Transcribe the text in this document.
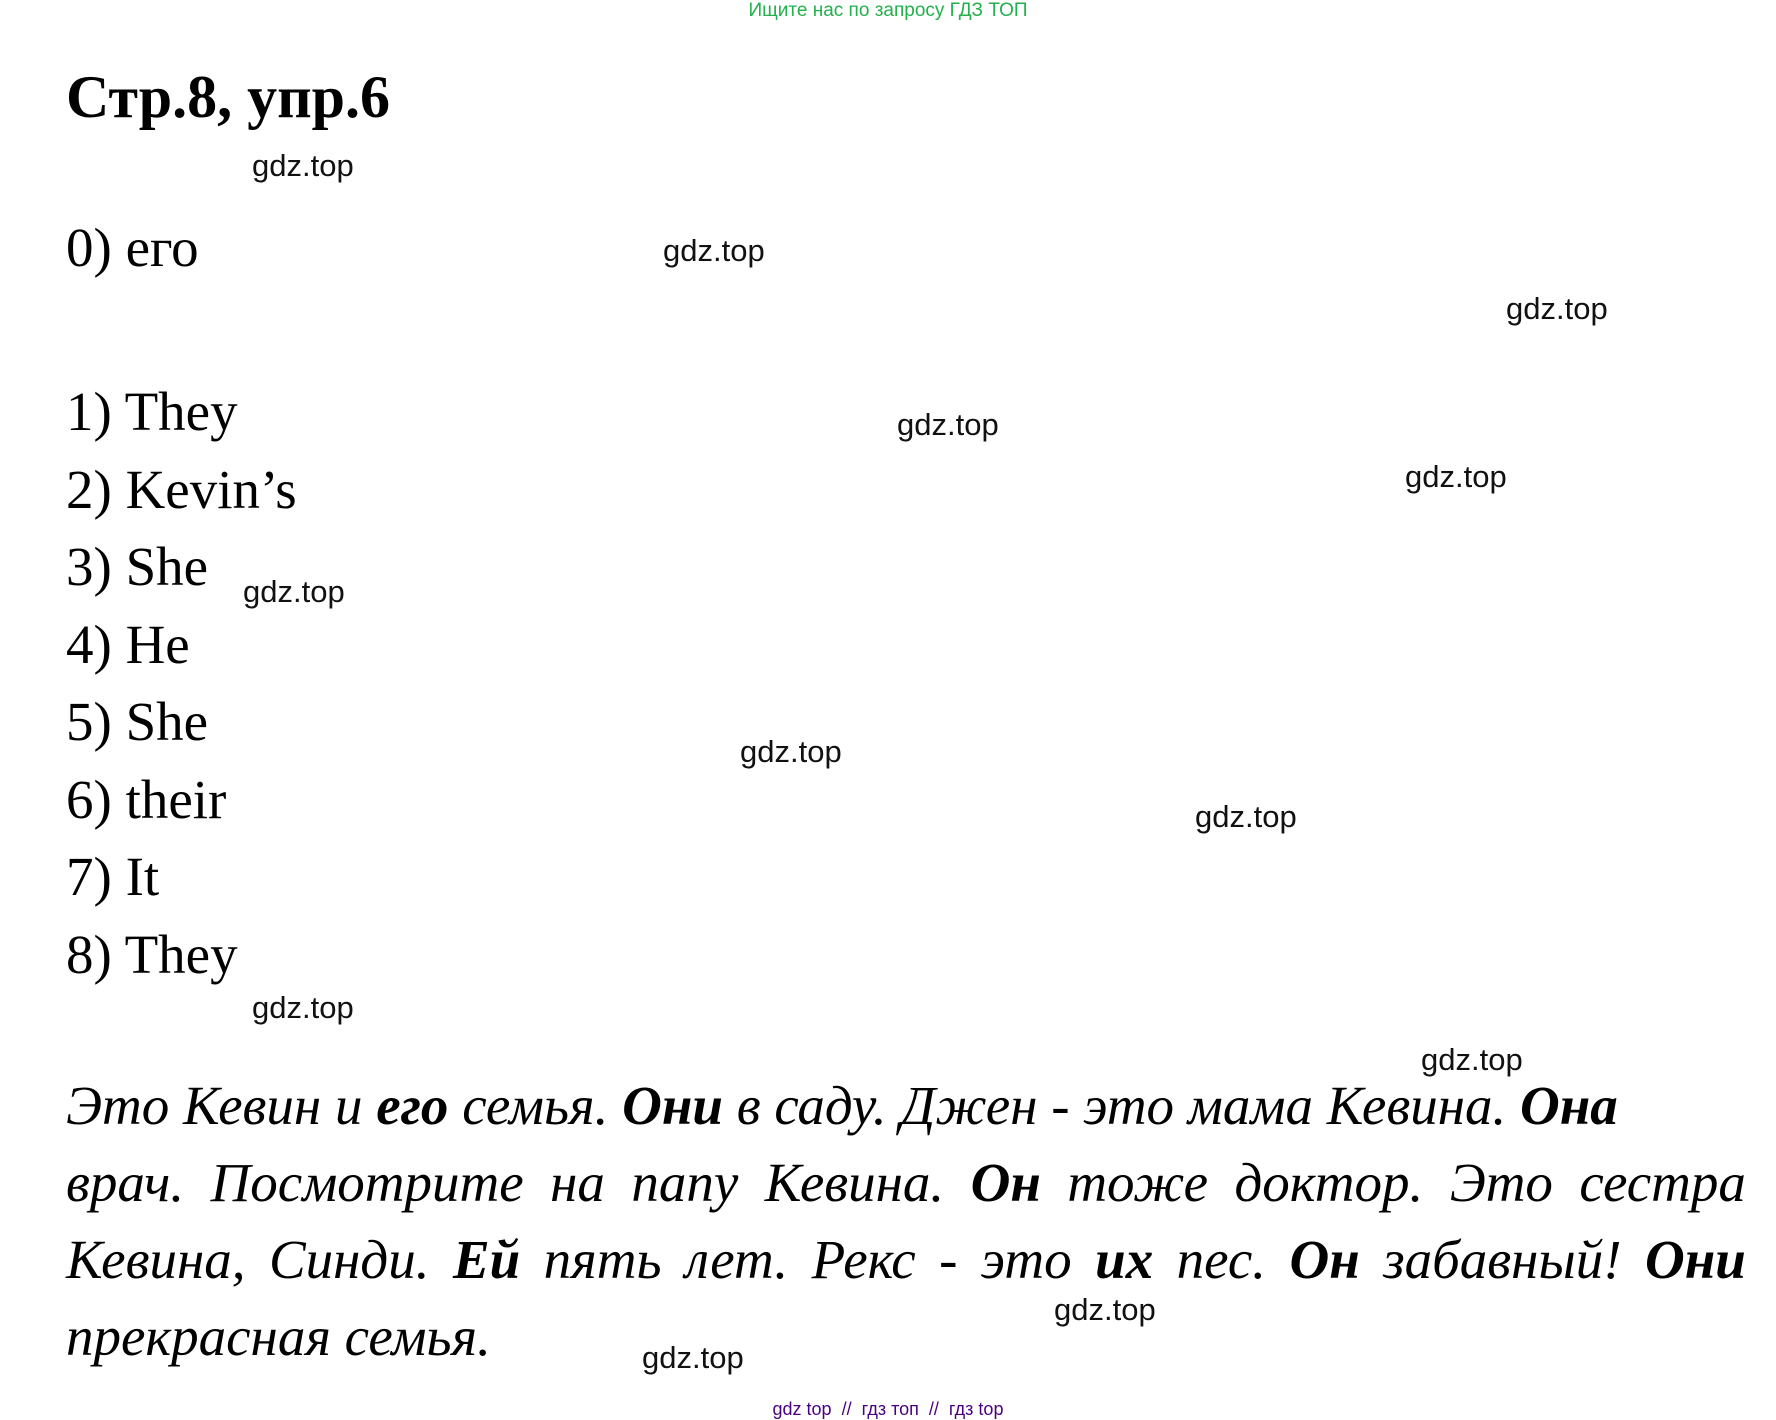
Ищите нас по запросу ГДЗ ТОП
Стр.8, упр.6
0) его
1) They
2) Kevin’s
3) She
4) He
5) She
6) their
7) It
8) They
Это Кевин и его семья. Они в саду. Джен - это мама Кевина. Она
врач. Посмотрите на папу Кевина. Он тоже доктор. Это сестра
Кевина, Синди. Ей пять лет. Рекс - это их пес. Он забавный! Они
прекрасная семья.
gdz.top
gdz.top
gdz.top
gdz.top
gdz.top
gdz.top
gdz.top
gdz.top
gdz.top
gdz.top
gdz.top
gdz.top
gdz top // гдз топ // гдз top
